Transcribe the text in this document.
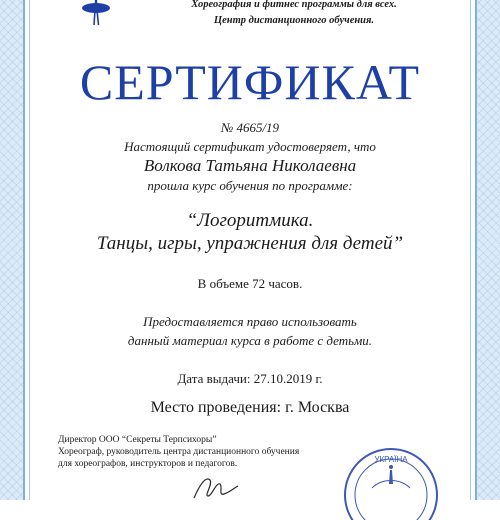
Хореография и фитнес программы для всех.
Центр дистанционного обучения.
СЕРТИФИКАТ
№ 4665/19
Настоящий сертификат удостоверяет, что
Волкова Татьяна Николаевна
прошла курс обучения по программе:
“Логоритмика.
Танцы, игры, упражнения для детей”
В объеме 72 часов.
Предоставляется право использовать
данный материал курса в работе с детьми.
Дата выдачи: 27.10.2019 г.
Место проведения: г. Москва
Директор ООО “Секреты Терпсихоры”
Хореограф, руководитель центра дистанционного обучения
для хореографов, инструкторов и педагогов.	УКРАЇНА
